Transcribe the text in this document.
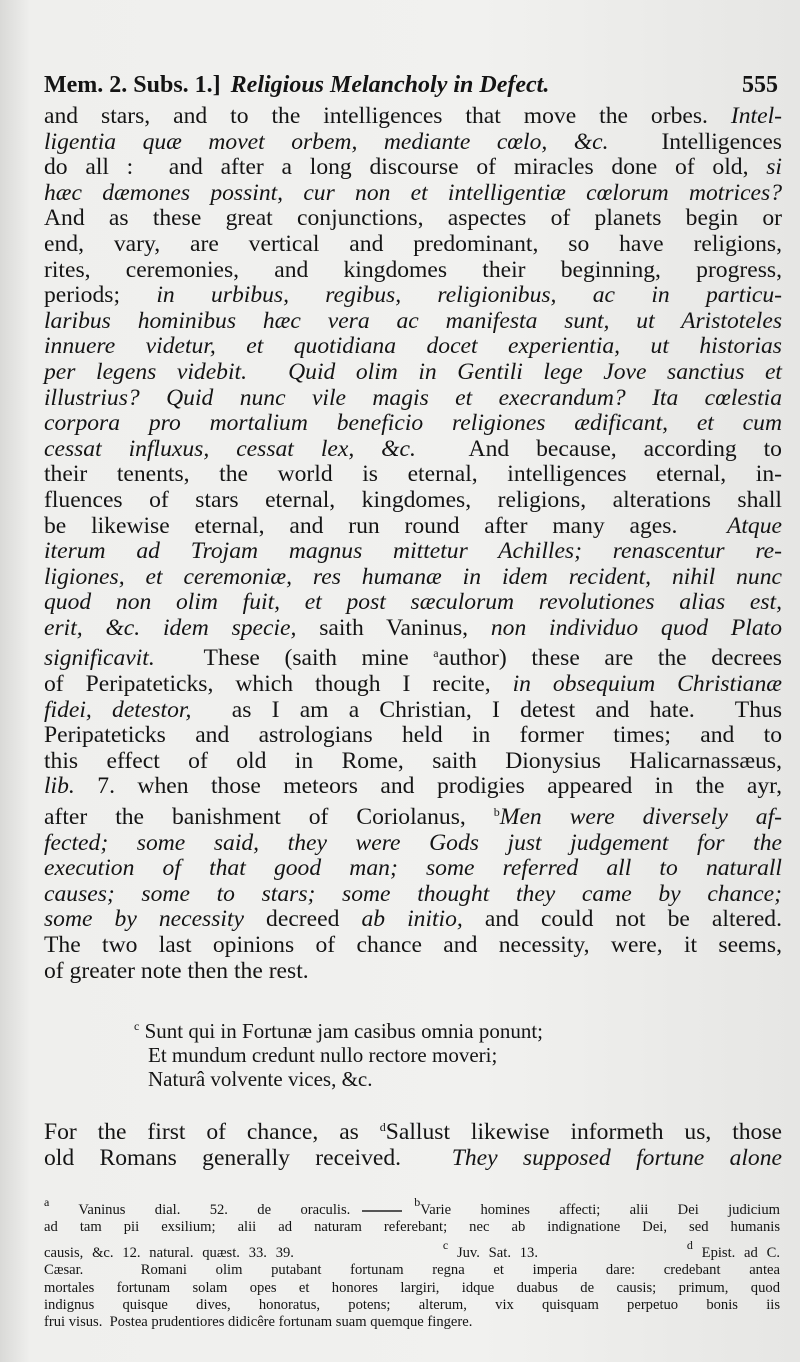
Mem. 2. Subs. 1.] Religious Melancholy in Defect.	555

and stars, and to the intelligences that move the orbes. Intel-

ligentia quæ movet orbem, mediante cœlo, &c.  Intelligences

do all :  and after a long discourse of miracles done of old, si

hæc dæmones possint, cur non et intelligentiæ cœlorum motrices?

And as these great conjunctions, aspectes of planets begin or

end, vary, are vertical and predominant, so have religions,

rites, ceremonies, and kingdomes their beginning, progress,

periods; in urbibus, regibus, religionibus, ac in particu-

laribus hominibus hæc vera ac manifesta sunt, ut Aristoteles

innuere videtur, et quotidiana docet experientia, ut historias

per legens videbit.  Quid olim in Gentili lege Jove sanctius et

illustrius? Quid nunc vile magis et execrandum? Ita cœlestia

corpora pro mortalium beneficio religiones ædificant, et cum

cessat influxus, cessat lex, &c.  And because, according to

their tenents, the world is eternal, intelligences eternal, in-

fluences of stars eternal, kingdomes, religions, alterations shall

be likewise eternal, and run round after many ages.  Atque

iterum ad Trojam magnus mittetur Achilles; renascentur re-

ligiones, et ceremoniæ, res humanæ in idem recident, nihil nunc

quod non olim fuit, et post sæculorum revolutiones alias est,

erit, &c. idem specie, saith Vaninus, non individuo quod Plato

significavit.  These (saith mine $^a$author) these are the decrees

of Peripateticks, which though I recite, in obsequium Christianæ

fidei, detestor,  as I am a Christian, I detest and hate.  Thus

Peripateticks and astrologians held in former times; and to

this effect of old in Rome, saith Dionysius Halicarnassæus,

lib. 7. when those meteors and prodigies appeared in the ayr,

after the banishment of Coriolanus, $^b$Men were diversely af-

fected; some said, they were Gods just judgement for the

execution of that good man; some referred all to naturall

causes; some to stars; some thought they came by chance;

some by necessity decreed ab initio, and could not be altered.

The two last opinions of chance and necessity, were, it seems,

of greater note then the rest.

$^c$ Sunt qui in Fortunæ jam casibus omnia ponunt;
Et mundum credunt nullo rectore moveri;
Naturâ volvente vices, &c.

For the first of chance, as $^d$Sallust likewise informeth us, those

old Romans generally received.  They supposed fortune alone

$^a$ Vaninus dial. 52. de oraculis.	$^b$Varie homines affecti; alii Dei judicium

ad tam pii exsilium; alii ad naturam referebant; nec ab indignatione Dei, sed humanis

causis, &c. 12. natural. quæst. 33. 39.	$^c$ Juv. Sat. 13.	$^d$ Epist. ad C.

Cæsar.  Romani olim putabant fortunam regna et imperia dare: credebant antea

mortales fortunam solam opes et honores largiri, idque duabus de causis; primum, quod

indignus quisque dives, honoratus, potens; alterum, vix quisquam perpetuo bonis iis

frui visus.  Postea prudentiores didicêre fortunam suam quemque fingere.
